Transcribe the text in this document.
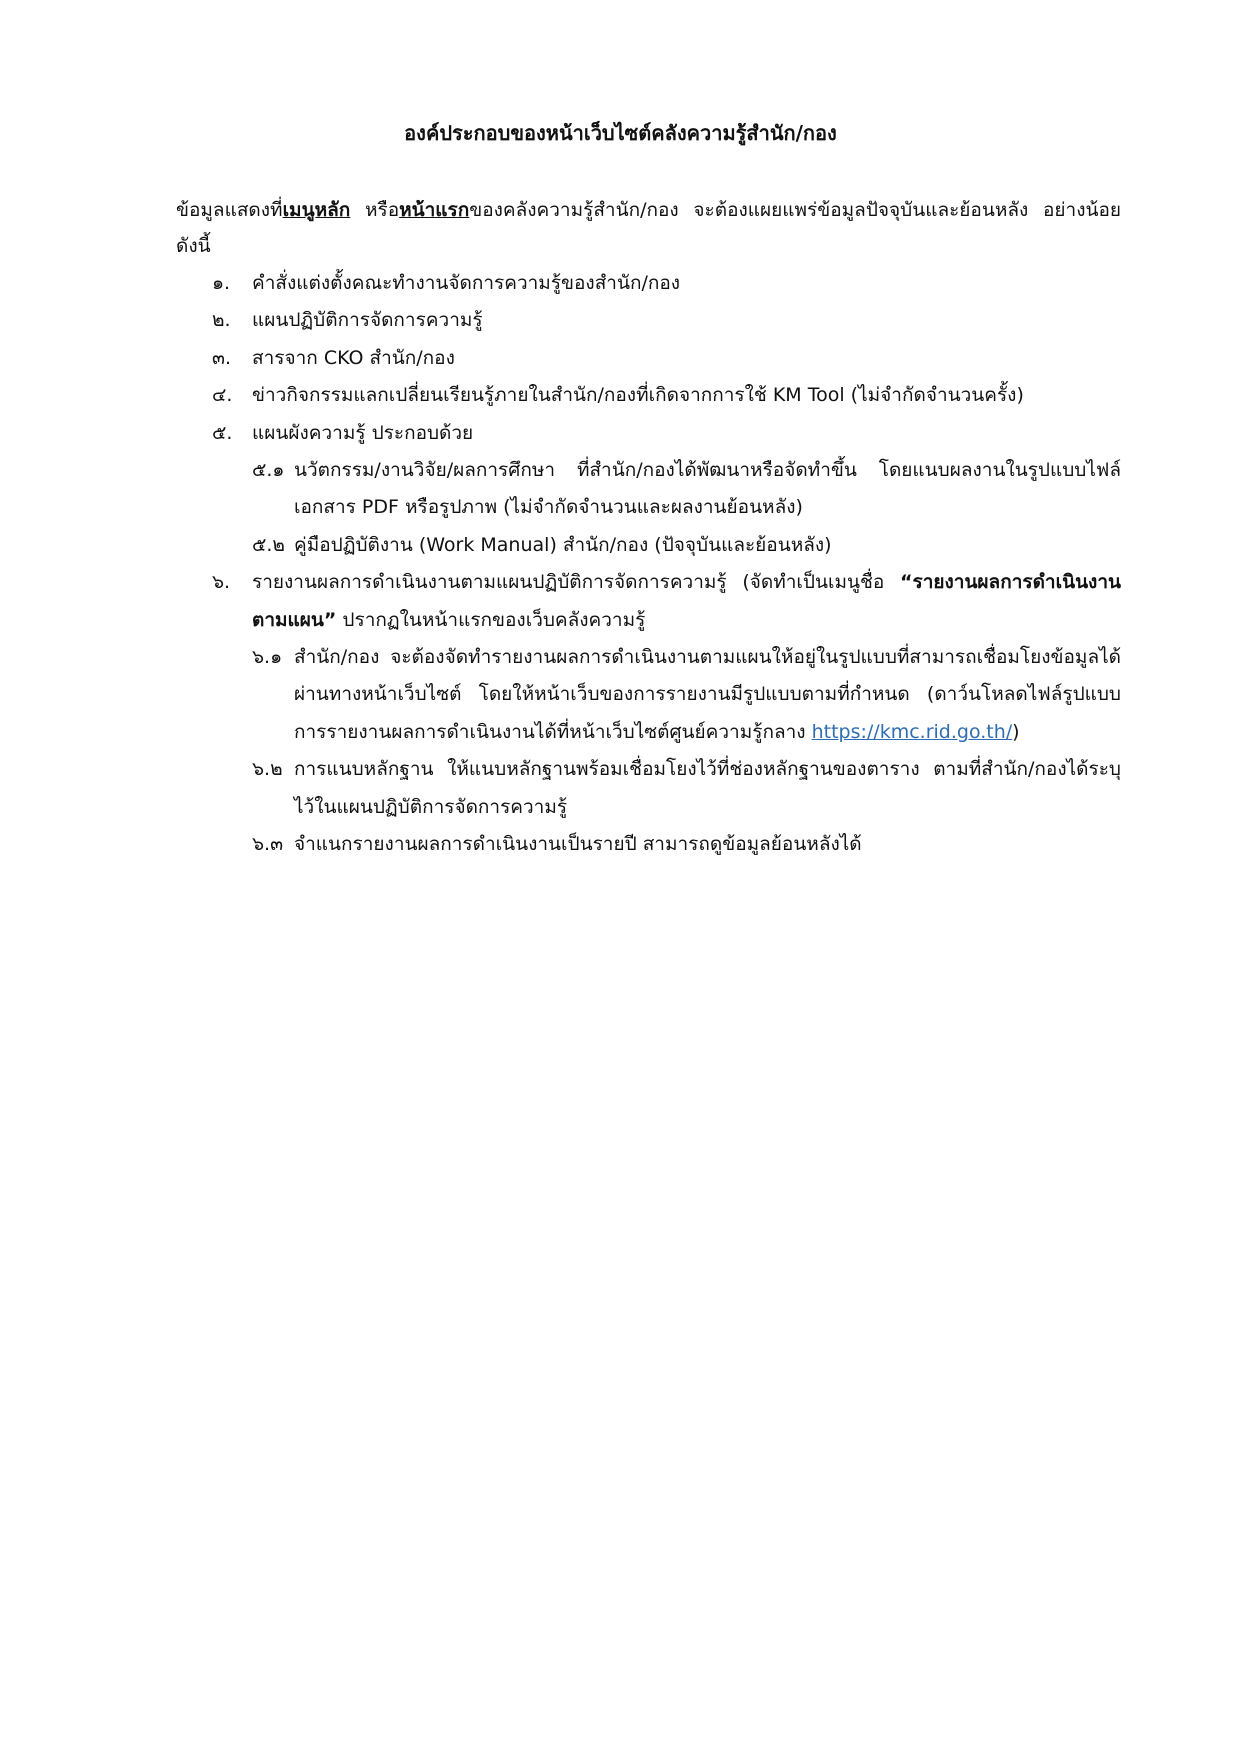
องค์ประกอบของหน้าเว็บไซต์คลังความรู้สำนัก/กอง
ข้อมูลแสดงที่เมนูหลัก หรือหน้าแรกของคลังความรู้สำนัก/กอง จะต้องแผยแพร่ข้อมูลปัจจุบันและย้อนหลัง อย่างน้อย ดังนี้
๑. คำสั่งแต่งตั้งคณะทำงานจัดการความรู้ของสำนัก/กอง
๒. แผนปฏิบัติการจัดการความรู้
๓. สารจาก CKO สำนัก/กอง
๔. ข่าวกิจกรรมแลกเปลี่ยนเรียนรู้ภายในสำนัก/กองที่เกิดจากการใช้ KM Tool (ไม่จำกัดจำนวนครั้ง)
๕. แผนผังความรู้ ประกอบด้วย
๕.๑ นวัตกรรม/งานวิจัย/ผลการศึกษา ที่สำนัก/กองได้พัฒนาหรือจัดทำขึ้น โดยแนบผลงานในรูปแบบไฟล์เอกสาร PDF หรือรูปภาพ (ไม่จำกัดจำนวนและผลงานย้อนหลัง)
๕.๒ คู่มือปฏิบัติงาน (Work Manual) สำนัก/กอง (ปัจจุบันและย้อนหลัง)
๖. รายงานผลการดำเนินงานตามแผนปฏิบัติการจัดการความรู้ (จัดทำเป็นเมนูชื่อ “รายงานผลการดำเนินงานตามแผน” ปรากฏในหน้าแรกของเว็บคลังความรู้
๖.๑ สำนัก/กอง จะต้องจัดทำรายงานผลการดำเนินงานตามแผนให้อยู่ในรูปแบบที่สามารถเชื่อมโยงข้อมูลได้ผ่านทางหน้าเว็บไซต์ โดยให้หน้าเว็บของการรายงานมีรูปแบบตามที่กำหนด (ดาว์นโหลดไฟล์รูปแบบการรายงานผลการดำเนินงานได้ที่หน้าเว็บไซต์ศูนย์ความรู้กลาง https://kmc.rid.go.th/)
๖.๒ การแนบหลักฐาน ให้แนบหลักฐานพร้อมเชื่อมโยงไว้ที่ช่องหลักฐานของตาราง ตามที่สำนัก/กองได้ระบุไว้ในแผนปฏิบัติการจัดการความรู้
๖.๓ จำแนกรายงานผลการดำเนินงานเป็นรายปี สามารถดูข้อมูลย้อนหลังได้
